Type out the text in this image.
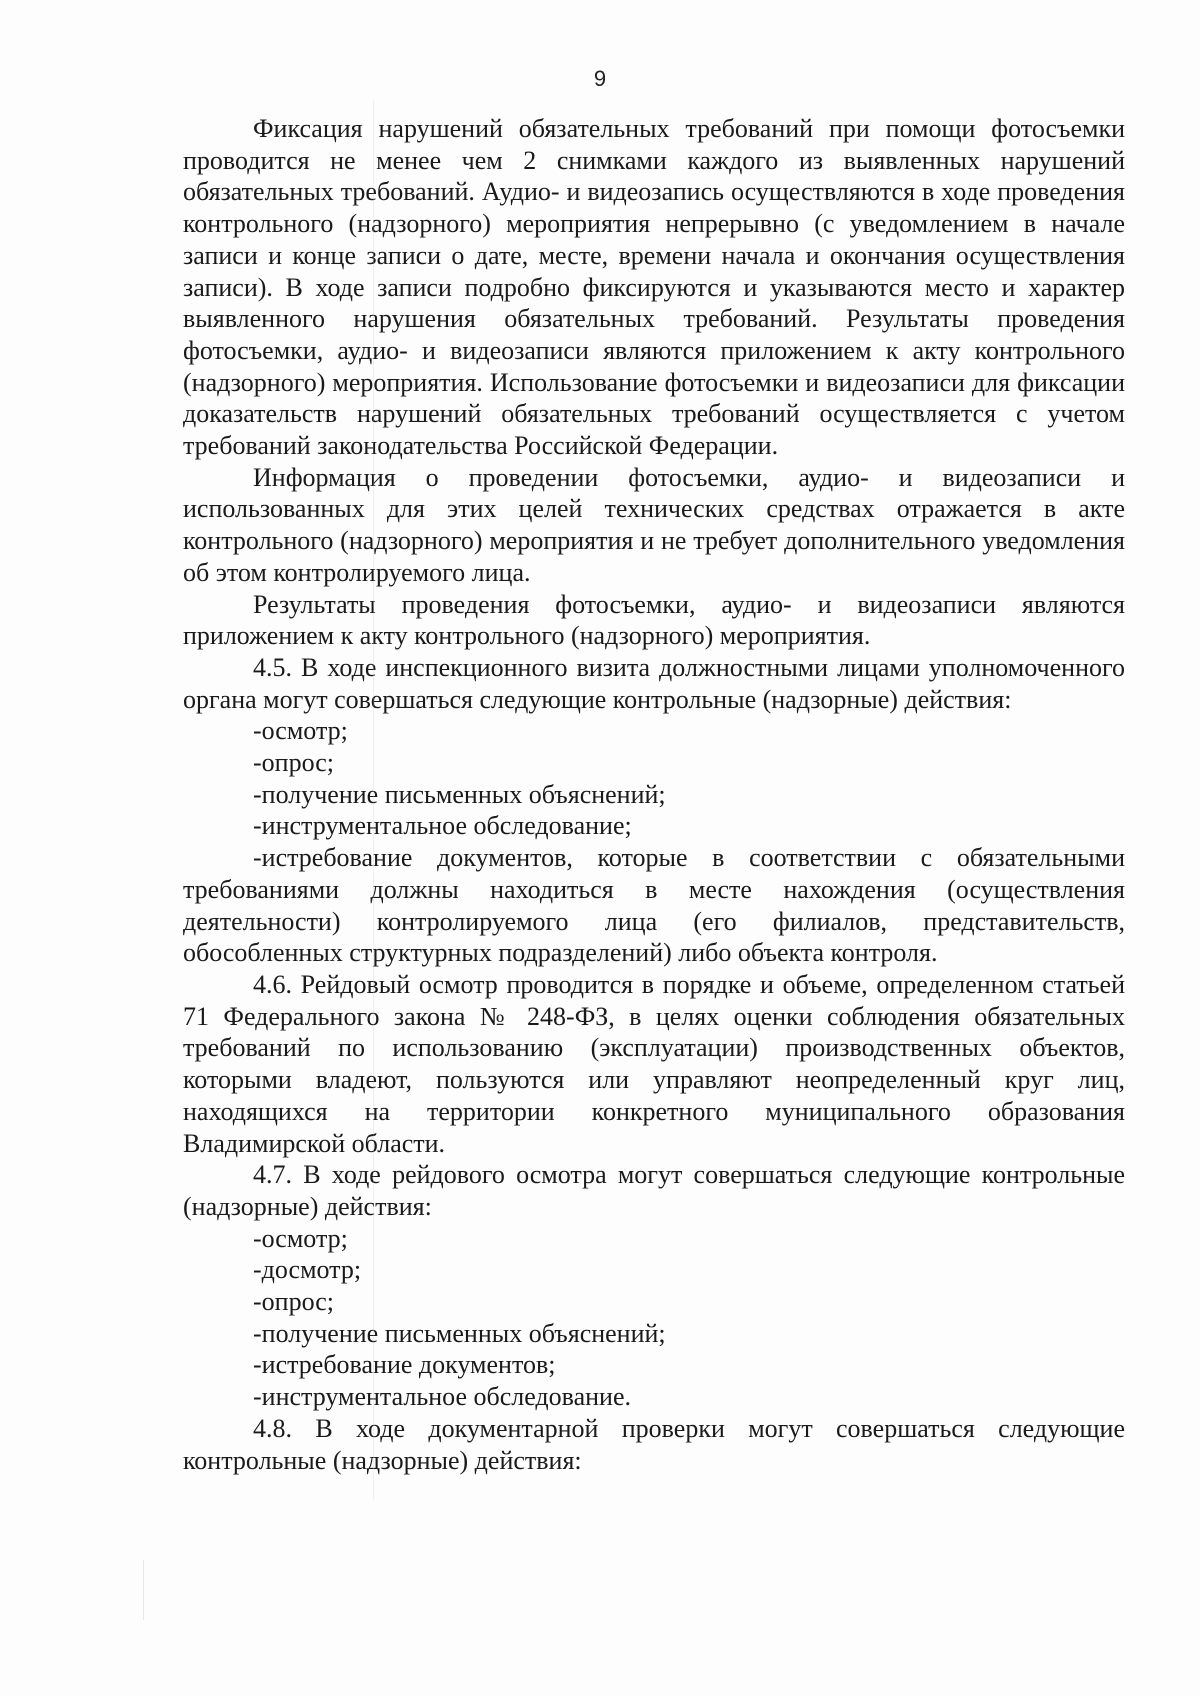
9

Фиксация нарушений обязательных требований при помощи фотосъемки проводится не менее чем 2 снимками каждого из выявленных нарушений обязательных требований. Аудио- и видеозапись осуществляются в ходе проведения контрольного (надзорного) мероприятия непрерывно (с уведомлением в начале записи и конце записи о дате, месте, времени начала и окончания осуществления записи). В ходе записи подробно фиксируются и указываются место и характер выявленного нарушения обязательных требований. Результаты проведения фотосъемки, аудио- и видеозаписи являются приложением к акту контрольного (надзорного) мероприятия. Использование фотосъемки и видеозаписи для фиксации доказательств нарушений обязательных требований осуществляется с учетом требований законодательства Российской Федерации.

Информация о проведении фотосъемки, аудио- и видеозаписи и использованных для этих целей технических средствах отражается в акте контрольного (надзорного) мероприятия и не требует дополнительного уведомления об этом контролируемого лица.

Результаты проведения фотосъемки, аудио- и видеозаписи являются приложением к акту контрольного (надзорного) мероприятия.

4.5. В ходе инспекционного визита должностными лицами уполномоченного органа могут совершаться следующие контрольные (надзорные) действия:

-осмотр;

-опрос;

-получение письменных объяснений;

-инструментальное обследование;

-истребование документов, которые в соответствии с обязательными требованиями должны находиться в месте нахождения (осуществления деятельности) контролируемого лица (его филиалов, представительств, обособленных структурных подразделений) либо объекта контроля.

4.6. Рейдовый осмотр проводится в порядке и объеме, определенном статьей 71 Федерального закона № 248-ФЗ, в целях оценки соблюдения обязательных требований по использованию (эксплуатации) производственных объектов, которыми владеют, пользуются или управляют неопределенный круг лиц, находящихся на территории конкретного муниципального образования Владимирской области.

4.7. В ходе рейдового осмотра могут совершаться следующие контрольные (надзорные) действия:

-осмотр;

-досмотр;

-опрос;

-получение письменных объяснений;

-истребование документов;

-инструментальное обследование.

4.8. В ходе документарной проверки могут совершаться следующие контрольные (надзорные) действия:
